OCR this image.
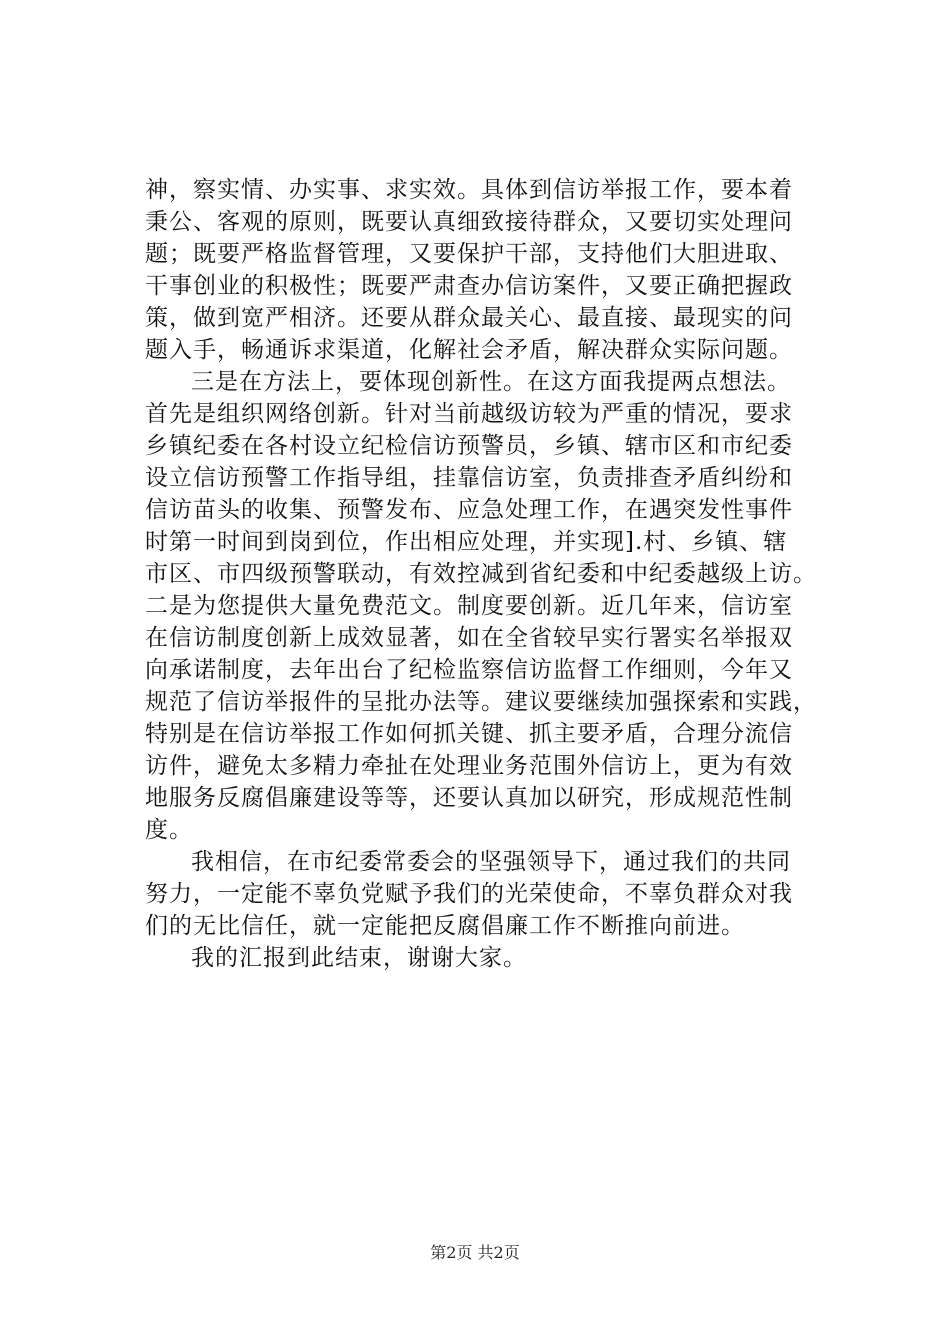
神，察实情、办实事、求实效。具体到信访举报工作，要本着
秉公、客观的原则，既要认真细致接待群众，又要切实处理问
题；既要严格监督管理，又要保护干部，支持他们大胆进取、
干事创业的积极性；既要严肃查办信访案件，又要正确把握政
策，做到宽严相济。还要从群众最关心、最直接、最现实的问
题入手，畅通诉求渠道，化解社会矛盾，解决群众实际问题。
三是在方法上，要体现创新性。在这方面我提两点想法。
首先是组织网络创新。针对当前越级访较为严重的情况，要求
乡镇纪委在各村设立纪检信访预警员，乡镇、辖市区和市纪委
设立信访预警工作指导组，挂靠信访室，负责排查矛盾纠纷和
信访苗头的收集、预警发布、应急处理工作，在遇突发性事件
时第一时间到岗到位，作出相应处理，并实现].村、乡镇、辖
市区、市四级预警联动，有效控减到省纪委和中纪委越级上访。
二是为您提供大量免费范文。制度要创新。近几年来，信访室
在信访制度创新上成效显著，如在全省较早实行署实名举报双
向承诺制度，去年出台了纪检监察信访监督工作细则，今年又
规范了信访举报件的呈批办法等。建议要继续加强探索和实践，
特别是在信访举报工作如何抓关键、抓主要矛盾，合理分流信
访件，避免太多精力牵扯在处理业务范围外信访上，更为有效
地服务反腐倡廉建设等等，还要认真加以研究，形成规范性制
度。
我相信，在市纪委常委会的坚强领导下，通过我们的共同
努力，一定能不辜负党赋予我们的光荣使命，不辜负群众对我
们的无比信任，就一定能把反腐倡廉工作不断推向前进。
我的汇报到此结束，谢谢大家。
第2页 共2页
